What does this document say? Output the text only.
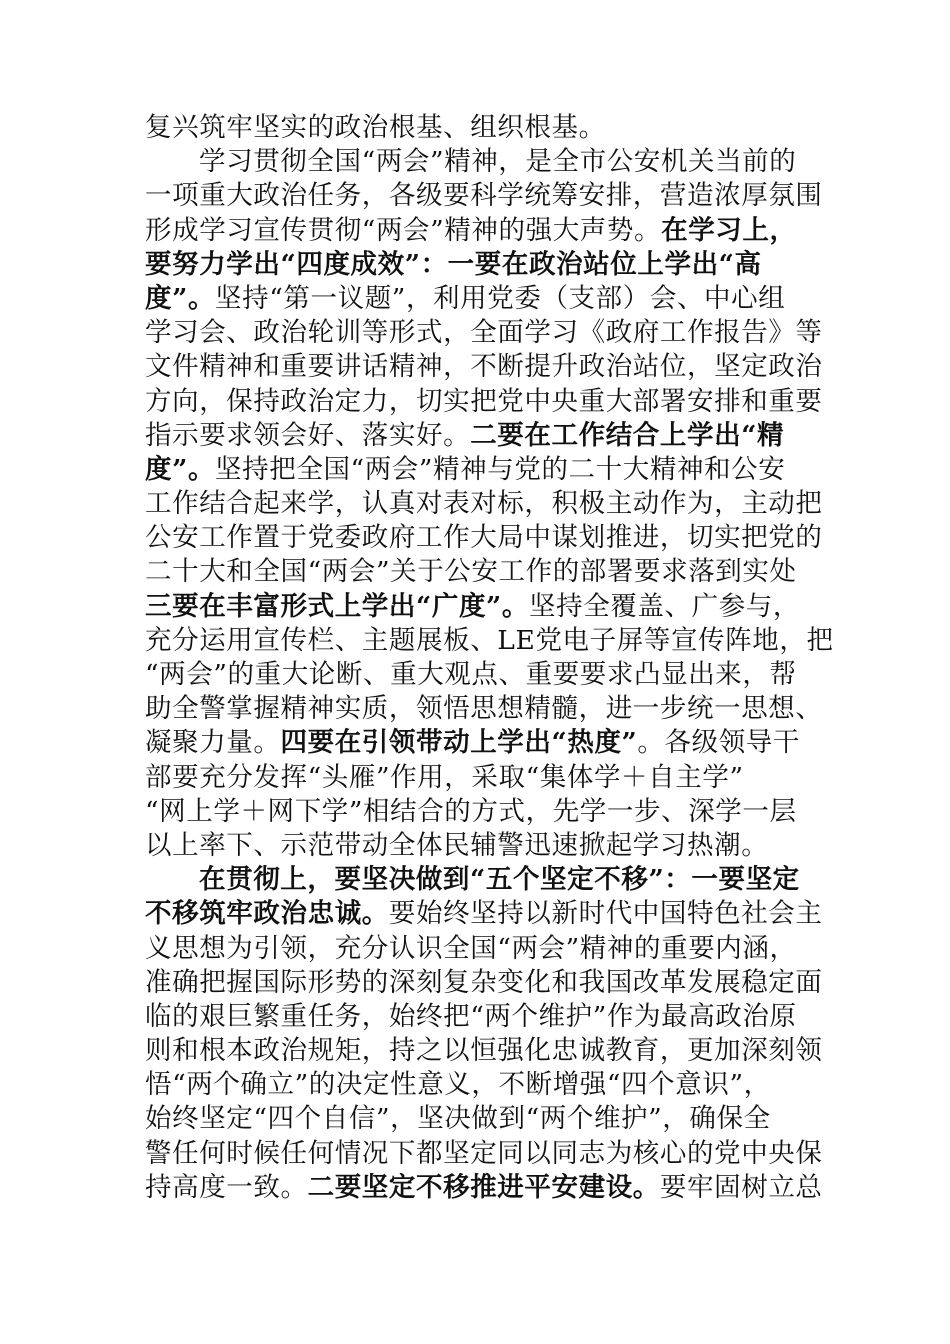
复兴筑牢坚实的政治根基、组织根基。
学习贯彻全国“两会”精神，是全市公安机关当前的
一项重大政治任务，各级要科学统筹安排，营造浓厚氛围
形成学习宣传贯彻“两会”精神的强大声势。在学习上，
要努力学出“四度成效”：一要在政治站位上学出“高
度”。坚持“第一议题”，利用党委（支部）会、中心组
学习会、政治轮训等形式，全面学习《政府工作报告》等
文件精神和重要讲话精神，不断提升政治站位，坚定政治
方向，保持政治定力，切实把党中央重大部署安排和重要
指示要求领会好、落实好。二要在工作结合上学出“精
度”。坚持把全国“两会”精神与党的二十大精神和公安
工作结合起来学，认真对表对标，积极主动作为，主动把
公安工作置于党委政府工作大局中谋划推进，切实把党的
二十大和全国“两会”关于公安工作的部署要求落到实处
三要在丰富形式上学出“广度”。坚持全覆盖、广参与，
充分运用宣传栏、主题展板、LE党电子屏等宣传阵地，把
“两会”的重大论断、重大观点、重要要求凸显出来，帮
助全警掌握精神实质，领悟思想精髓，进一步统一思想、
凝聚力量。四要在引领带动上学出“热度”。各级领导干
部要充分发挥“头雁”作用，采取“集体学＋自主学”
“网上学＋网下学”相结合的方式，先学一步、深学一层
以上率下、示范带动全体民辅警迅速掀起学习热潮。
在贯彻上，要坚决做到“五个坚定不移”：一要坚定
不移筑牢政治忠诚。要始终坚持以新时代中国特色社会主
义思想为引领，充分认识全国“两会”精神的重要内涵，
准确把握国际形势的深刻复杂变化和我国改革发展稳定面
临的艰巨繁重任务，始终把“两个维护”作为最高政治原
则和根本政治规矩，持之以恒强化忠诚教育，更加深刻领
悟“两个确立”的决定性意义，不断增强“四个意识”，
始终坚定“四个自信”，坚决做到“两个维护”，确保全
警任何时候任何情况下都坚定同以同志为核心的党中央保
持高度一致。二要坚定不移推进平安建设。要牢固树立总
